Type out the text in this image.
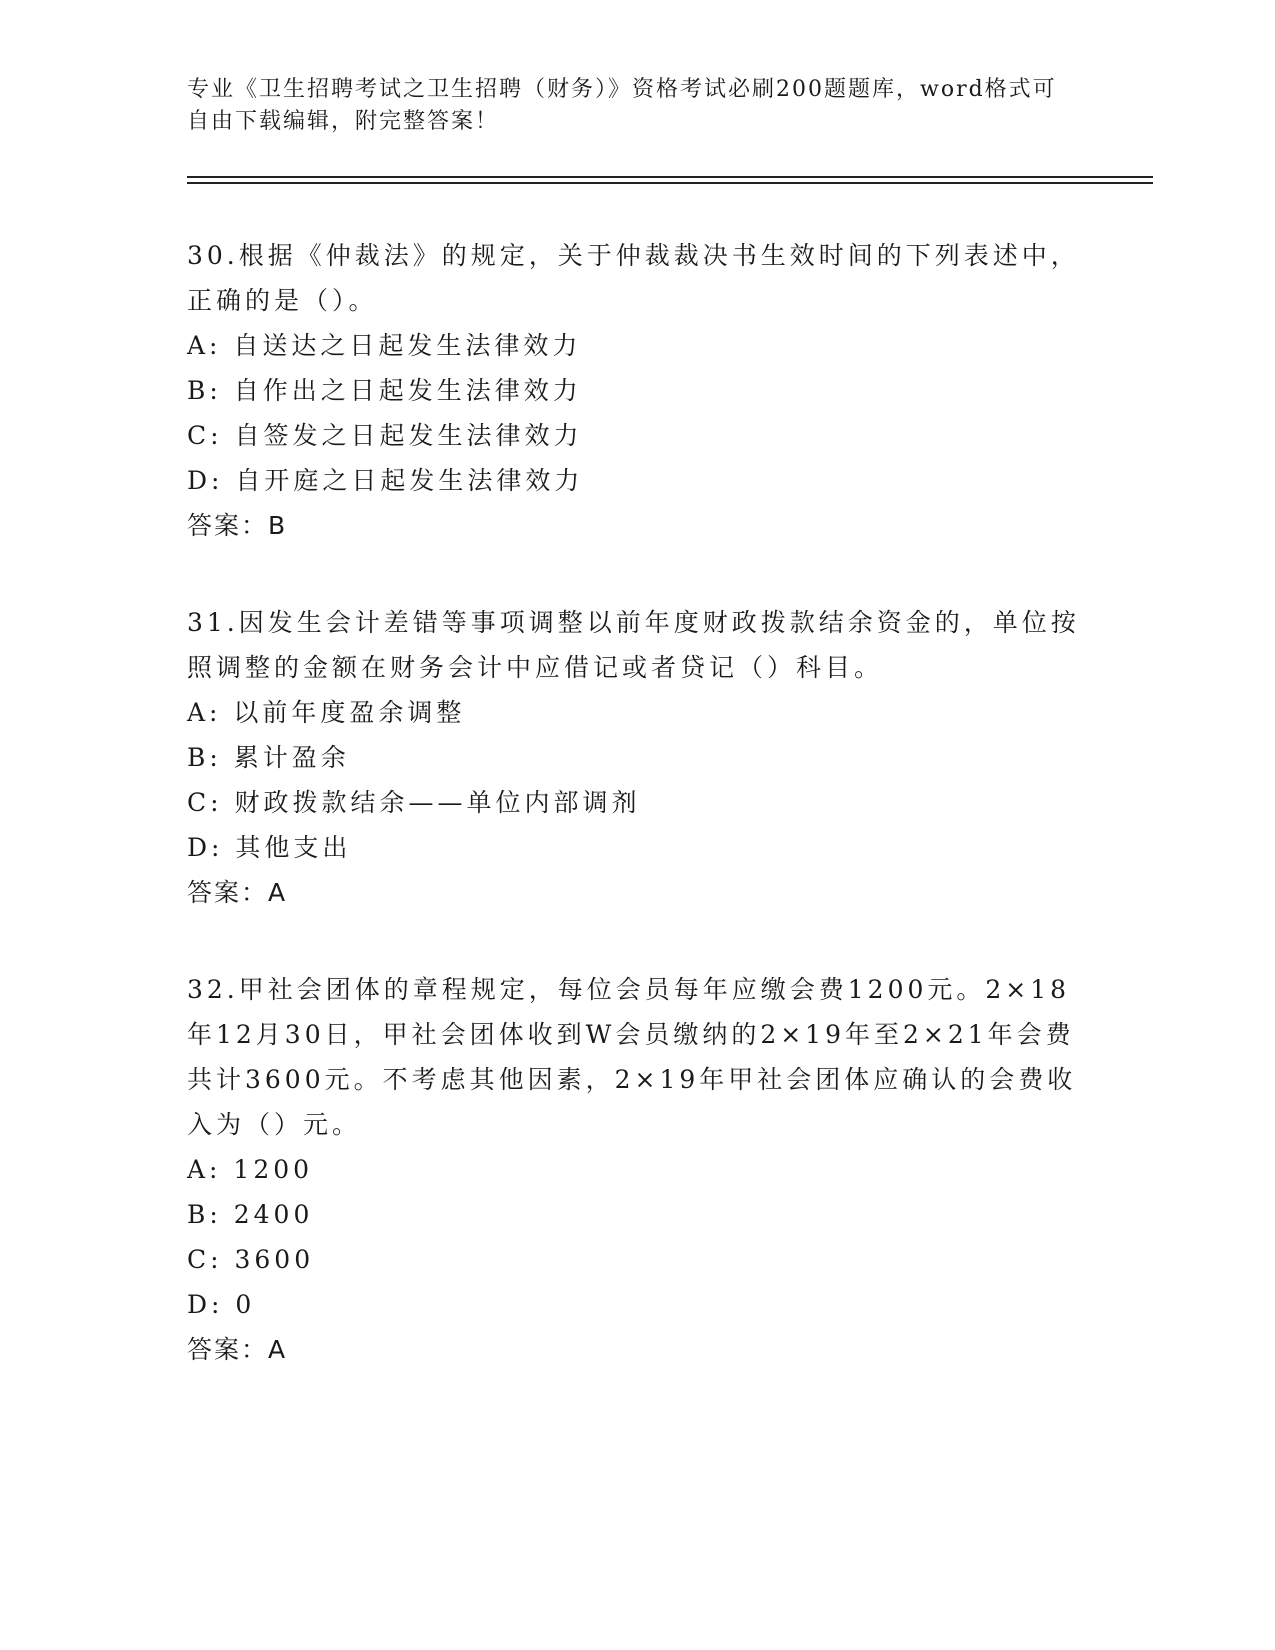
专业《卫生招聘考试之卫生招聘（财务）》资格考试必刷200题题库，word格式可自由下载编辑，附完整答案！

30.根据《仲裁法》的规定，关于仲裁裁决书生效时间的下列表述中，正确的是（）。

A: 自送达之日起发生法律效力

B: 自作出之日起发生法律效力

C: 自签发之日起发生法律效力

D: 自开庭之日起发生法律效力

答案：B

31.因发生会计差错等事项调整以前年度财政拨款结余资金的，单位按照调整的金额在财务会计中应借记或者贷记（）科目。

A: 以前年度盈余调整

B: 累计盈余

C: 财政拨款结余——单位内部调剂

D: 其他支出

答案：A

32.甲社会团体的章程规定，每位会员每年应缴会费1200元。2×18年12月30日，甲社会团体收到W会员缴纳的2×19年至2×21年会费共计3600元。不考虑其他因素，2×19年甲社会团体应确认的会费收入为（）元。

A: 1200

B: 2400

C: 3600

D: 0

答案：A
